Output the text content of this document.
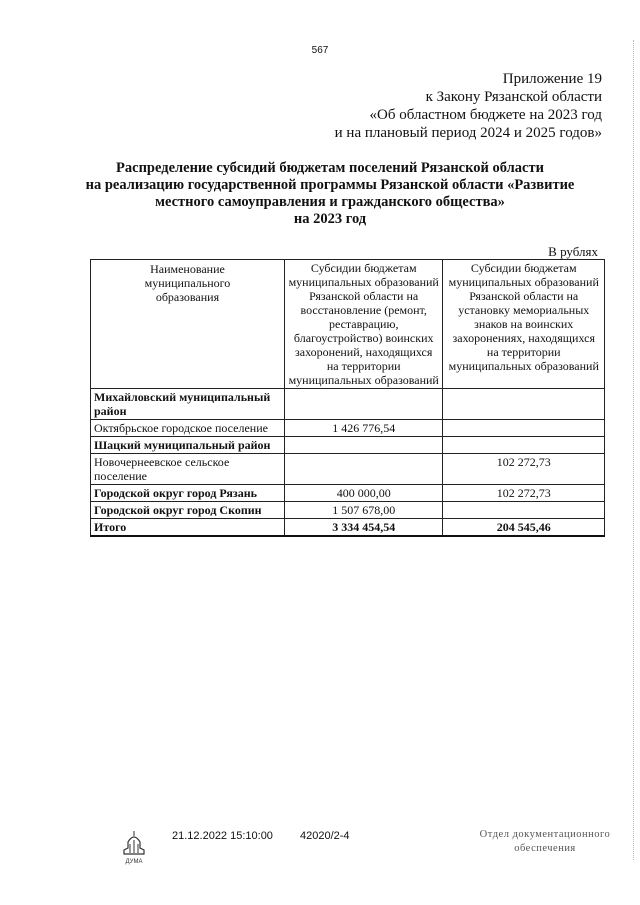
567
Приложение 19
к Закону Рязанской области
«Об областном бюджете на 2023 год
и на плановый период 2024 и 2025 годов»
Распределение субсидий бюджетам поселений Рязанской области
на реализацию государственной программы Рязанской области «Развитие
местного самоуправления и гражданского общества»
на 2023 год
В рублях
Наименование муниципального образования	Субсидии бюджетам муниципальных образований Рязанской области на восстановление (ремонт, реставрацию, благоустройство) воинских захоронений, находящихся на территории муниципальных образований	Субсидии бюджетам муниципальных образований Рязанской области на установку мемориальных знаков на воинских захоронениях, находящихся на территории муниципальных образований
Михайловский муниципальный район		
Октябрьское городское поселение	1 426 776,54	
Шацкий муниципальный район		
Новочернеевское сельское поселение		102 272,73
Городской округ город Рязань	400 000,00	102 272,73
Городской округ город Скопин	1 507 678,00	
Итого	3 334 454,54	204 545,46
ДУМА
21.12.2022 15:10:00 42020/2-4	Отдел документационного
обеспечения
